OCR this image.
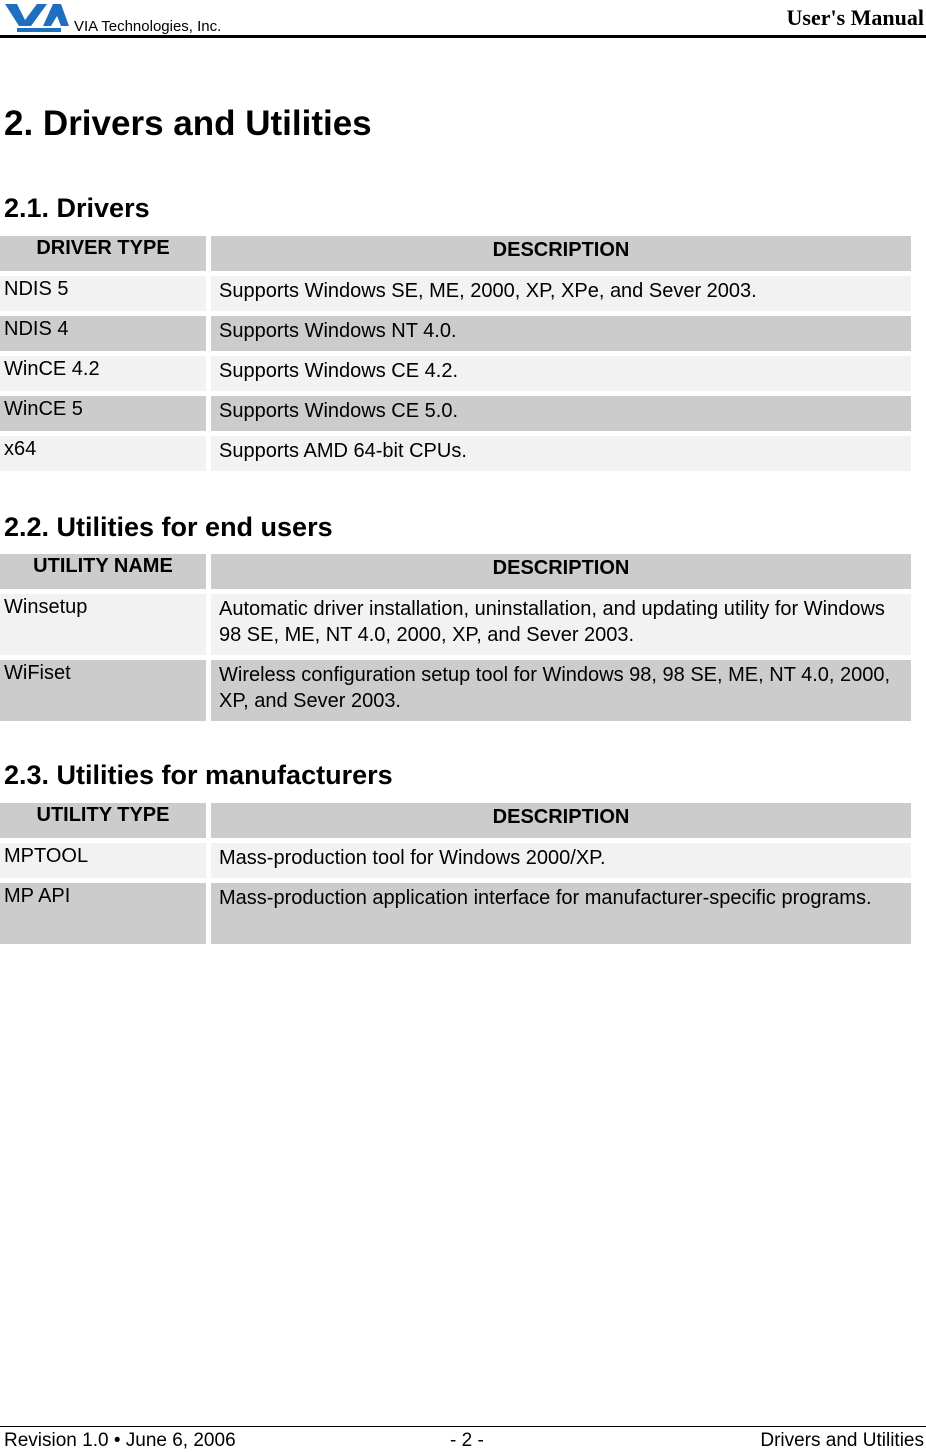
VIA Technologies, Inc.	User's Manual
2. Drivers and Utilities
2.1. Drivers
DRIVER TYPE	DESCRIPTION
NDIS 5	Supports Windows SE, ME, 2000, XP, XPe, and Sever 2003.
NDIS 4	Supports Windows NT 4.0.
WinCE 4.2	Supports Windows CE 4.2.
WinCE 5	Supports Windows CE 5.0.
x64	Supports AMD 64-bit CPUs.
2.2. Utilities for end users
UTILITY NAME	DESCRIPTION
Winsetup	Automatic driver installation, uninstallation, and updating utility for Windows 98 SE, ME, NT 4.0, 2000, XP, and Sever 2003.
WiFiset	Wireless configuration setup tool for Windows 98, 98 SE, ME, NT 4.0, 2000, XP, and Sever 2003.
2.3. Utilities for manufacturers
UTILITY TYPE	DESCRIPTION
MPTOOL	Mass-production tool for Windows 2000/XP.
MP API	Mass-production application interface for manufacturer-specific programs.
Revision 1.0 • June 6, 2006	- 2 -	Drivers and Utilities
